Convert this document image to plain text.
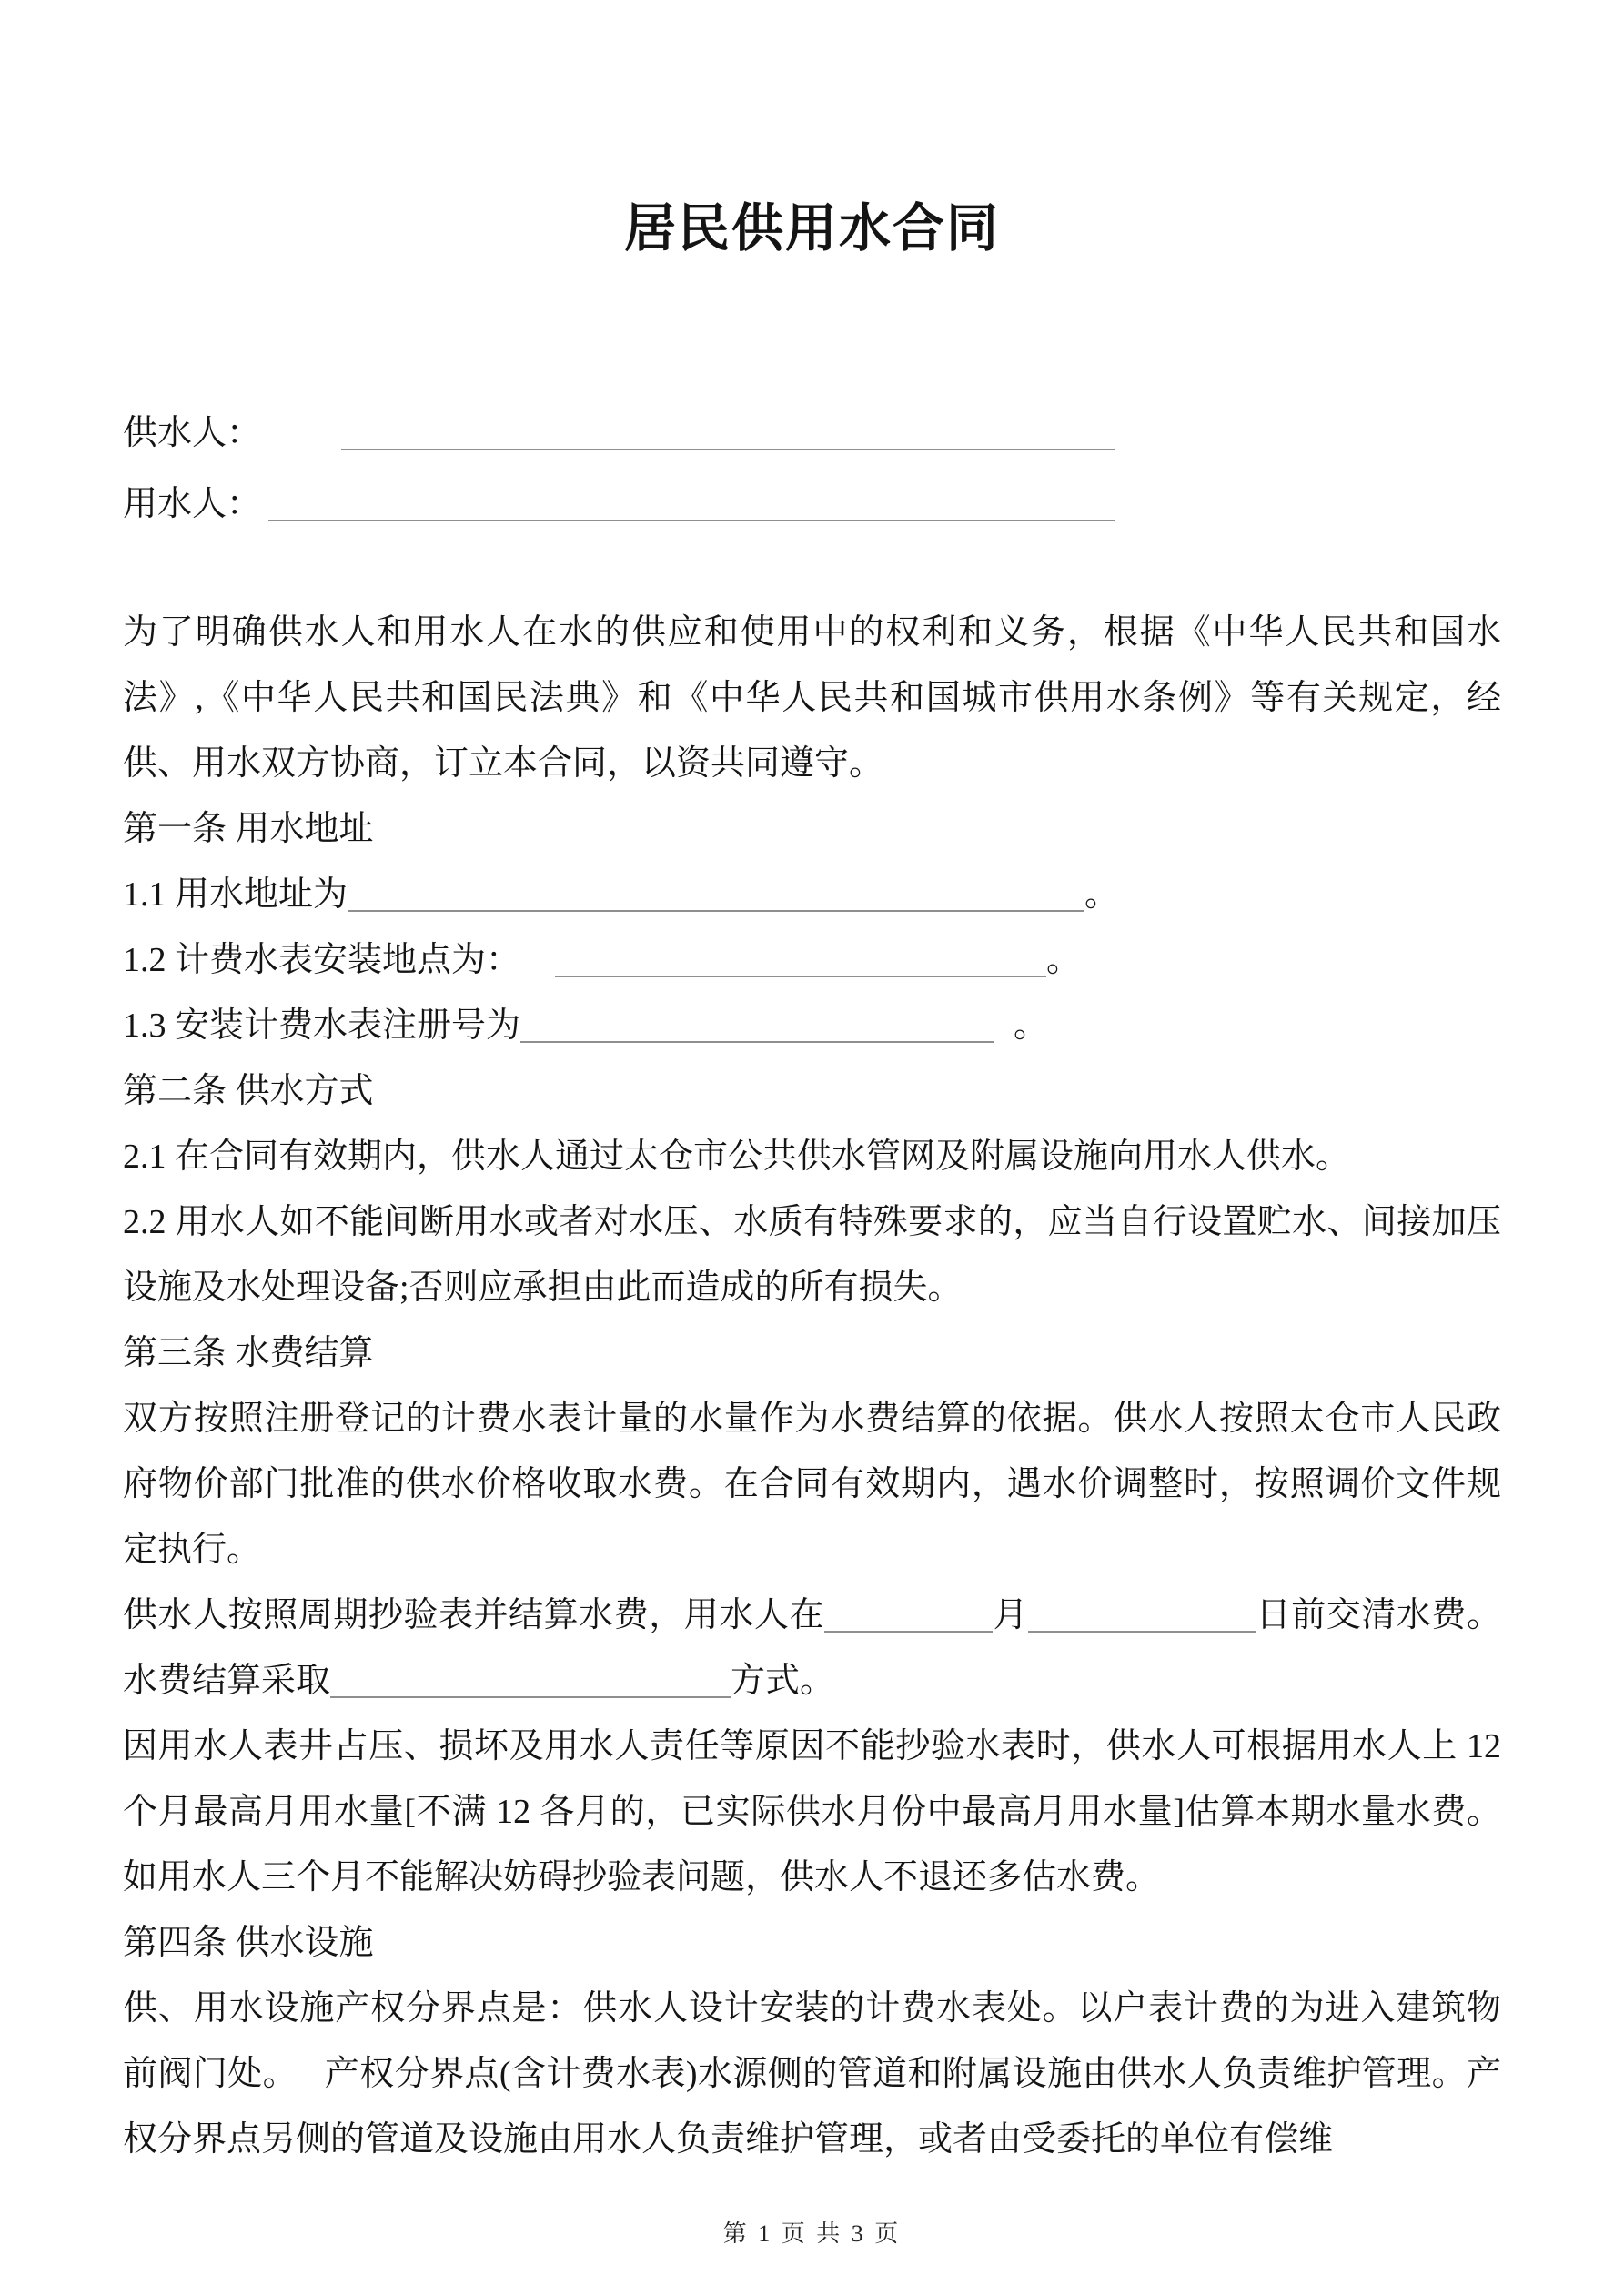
居民供用水合同
供水人：
用水人：

为了明确供水人和用水人在水的供应和使用中的权利和义务，根据《中华人民共和国水法》,《中华人民共和国民法典》和《中华人民共和国城市供用水条例》等有关规定，经供、用水双方协商，订立本合同，以资共同遵守。

第一条 用水地址

1.1 用水地址为	。

1.2 计费水表安装地点为：	。

1.3 安装计费水表注册号为	。

第二条 供水方式

2.1 在合同有效期内，供水人通过太仓市公共供水管网及附属设施向用水人供水。

2.2 用水人如不能间断用水或者对水压、水质有特殊要求的，应当自行设置贮水、间接加压设施及水处理设备;否则应承担由此而造成的所有损失。

第三条 水费结算

双方按照注册登记的计费水表计量的水量作为水费结算的依据。供水人按照太仓市人民政府物价部门批准的供水价格收取水费。在合同有效期内，遇水价调整时，按照调价文件规定执行。

供水人按照周期抄验表并结算水费，用水人在	月	日前交清水费。   水费结算采取	方式。

因用水人表井占压、损坏及用水人责任等原因不能抄验水表时，供水人可根据用水人上 12 个月最高月用水量[不满 12 各月的，已实际供水月份中最高月用水量]估算本期水量水费。如用水人三个月不能解决妨碍抄验表问题，供水人不退还多估水费。

第四条 供水设施

供、用水设施产权分界点是：供水人设计安装的计费水表处。以户表计费的为进入建筑物前阀门处。   产权分界点(含计费水表)水源侧的管道和附属设施由供水人负责维护管理。产权分界点另侧的管道及设施由用水人负责维护管理，或者由受委托的单位有偿维

第 1 页 共 3 页
